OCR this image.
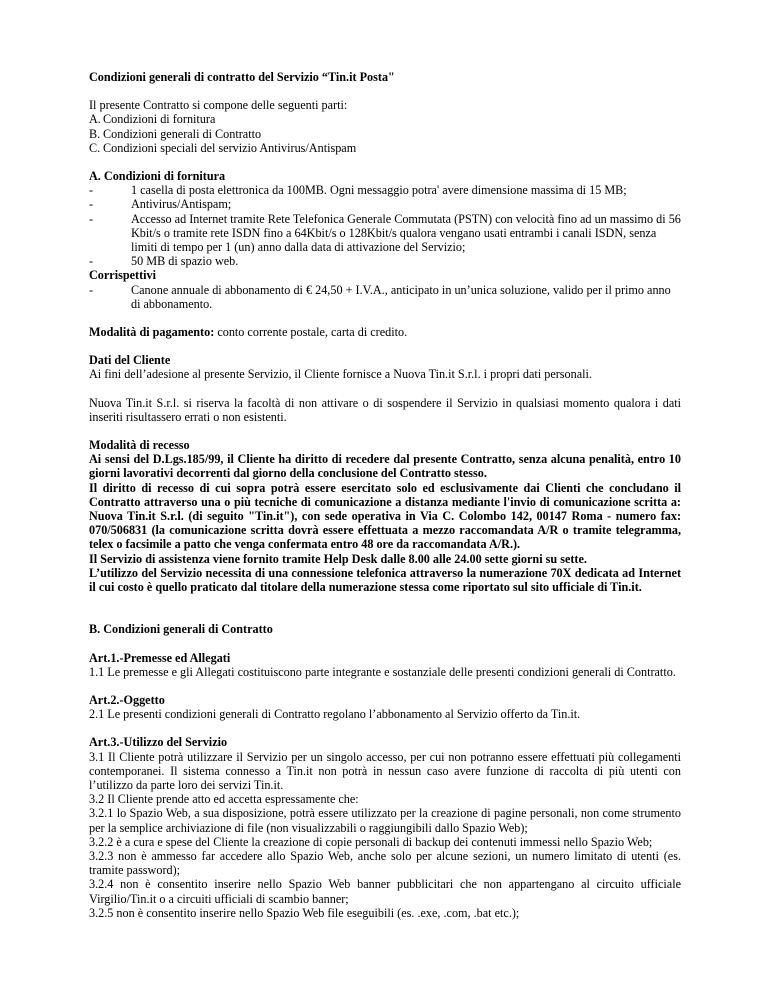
Condizioni generali di contratto del Servizio “Tin.it Posta"

Il presente Contratto si compone delle seguenti parti:

A. Condizioni di fornitura
B. Condizioni generali di Contratto
C. Condizioni speciali del servizio Antivirus/Antispam
A. Condizioni di fornitura
-	1 casella di posta elettronica da 100MB. Ogni messaggio potra' avere dimensione massima di 15 MB;
-	Antivirus/Antispam;
-	Accesso ad Internet tramite Rete Telefonica Generale Commutata (PSTN) con velocità fino ad un massimo di 56 Kbit/s o tramite rete ISDN fino a 64Kbit/s o 128Kbit/s qualora vengano usati entrambi i canali ISDN, senza limiti di tempo per 1 (un) anno dalla data di attivazione del Servizio;
-	50 MB di spazio web.
Corrispettivi
-	Canone annuale di abbonamento di € 24,50 + I.V.A., anticipato in un’unica soluzione, valido per il primo anno di abbonamento.

Modalità di pagamento: conto corrente postale, carta di credito.

Dati del Cliente
Ai fini dell’adesione al presente Servizio, il Cliente fornisce a Nuova Tin.it S.r.l. i propri dati personali.

Nuova Tin.it S.r.l. si riserva la facoltà di non attivare o di sospendere il Servizio in qualsiasi momento qualora i dati inseriti risultassero errati o non esistenti.

Modalità di recesso
Ai sensi del D.Lgs.185/99, il Cliente ha diritto di recedere dal presente Contratto, senza alcuna penalità, entro 10 giorni lavorativi decorrenti dal giorno della conclusione del Contratto stesso.
Il diritto di recesso di cui sopra potrà essere esercitato solo ed esclusivamente dai Clienti che concludano il Contratto attraverso una o più tecniche di comunicazione a distanza mediante l'invio di comunicazione scritta a: Nuova Tin.it S.r.l. (di seguito "Tin.it"), con sede operativa in Via C. Colombo 142, 00147 Roma - numero fax: 070/506831 (la comunicazione scritta dovrà essere effettuata a mezzo raccomandata A/R o tramite telegramma, telex o facsimile a patto che venga confermata entro 48 ore da raccomandata A/R.).
Il Servizio di assistenza viene fornito tramite Help Desk dalle 8.00 alle 24.00 sette giorni su sette.
L’utilizzo del Servizio necessita di una connessione telefonica attraverso la numerazione 70X dedicata ad Internet il cui costo è quello praticato dal titolare della numerazione stessa come riportato sul sito ufficiale di Tin.it.

B. Condizioni generali di Contratto

Art.1.-Premesse ed Allegati
1.1 Le premesse e gli Allegati costituiscono parte integrante e sostanziale delle presenti condizioni generali di Contratto.
Art.2.-Oggetto
2.1 Le presenti condizioni generali di Contratto regolano l’abbonamento al Servizio offerto da Tin.it.
Art.3.-Utilizzo del Servizio
3.1 Il Cliente potrà utilizzare il Servizio per un singolo accesso, per cui non potranno essere effettuati più collegamenti contemporanei. Il sistema connesso a Tin.it non potrà in nessun caso avere funzione di raccolta di più utenti con l’utilizzo da parte loro dei servizi Tin.it.
3.2 Il Cliente prende atto ed accetta espressamente che:
3.2.1 lo Spazio Web, a sua disposizione, potrà essere utilizzato per la creazione di pagine personali, non come strumento per la semplice archiviazione di file (non visualizzabili o raggiungibili dallo Spazio Web);
3.2.2 è a cura e spese del Cliente la creazione di copie personali di backup dei contenuti immessi nello Spazio Web;
3.2.3 non è ammesso far accedere allo Spazio Web, anche solo per alcune sezioni, un numero limitato di utenti (es. tramite password);
3.2.4 non è consentito inserire nello Spazio Web banner pubblicitari che non appartengano al circuito ufficiale Virgilio/Tin.it o a circuiti ufficiali di scambio banner;
3.2.5 non è consentito inserire nello Spazio Web file eseguibili (es. .exe, .com, .bat etc.);
